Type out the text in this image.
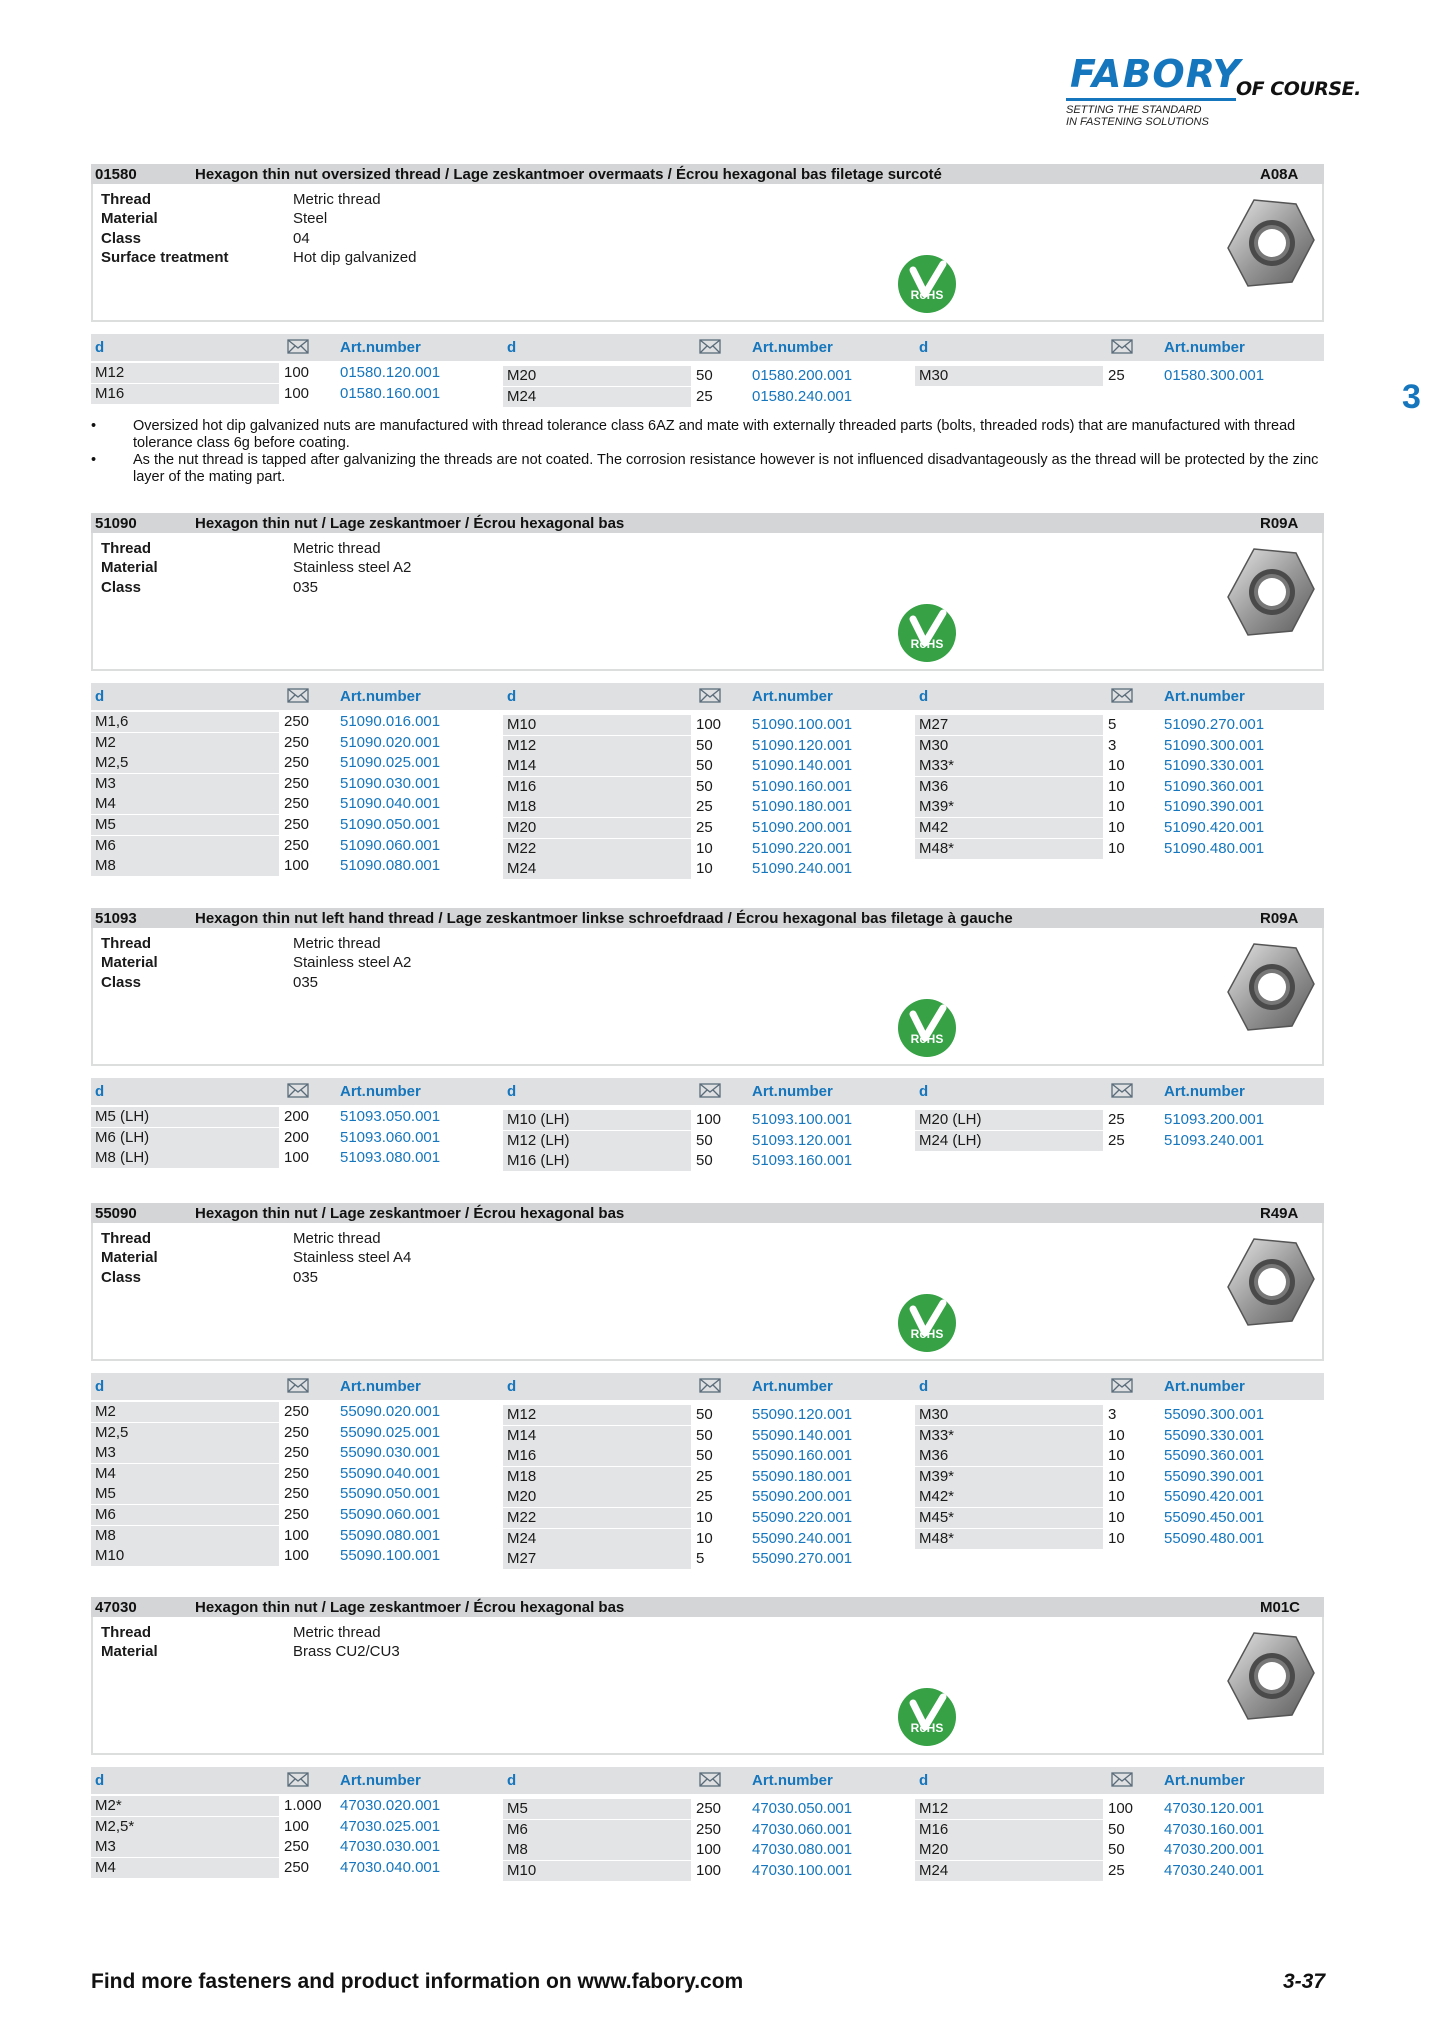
FABORY
OF COURSE.
SETTING THE STANDARD
IN FASTENING SOLUTIONS
3
01580	Hexagon thin nut oversized thread / Lage zeskantmoer overmaats / Écrou hexagonal bas filetage surcoté	A08A
Thread	Metric thread
Material	Steel
Class	04
Surface treatment	Hot dip galvanized
RoHS
d	Art.number	d	Art.number	d	Art.number
M12	100 01580.120.001
M16	100 01580.160.001
M20	50	01580.200.001
M24	25	01580.240.001
M30	25	01580.300.001
51090	Hexagon thin nut / Lage zeskantmoer / Écrou hexagonal bas	R09A
Thread	Metric thread
Material	Stainless steel A2
Class	035
RoHS
d	Art.number	d	Art.number	d	Art.number
M1,6	250 51090.016.001
M2	250 51090.020.001
M2,5	250 51090.025.001
M3	250 51090.030.001
M4	250 51090.040.001
M5	250 51090.050.001
M6	250 51090.060.001
M8	100 51090.080.001
M10	100 51090.100.001
M12	50	51090.120.001
M14	50	51090.140.001
M16	50	51090.160.001
M18	25	51090.180.001
M20	25	51090.200.001
M22	10	51090.220.001
M24	10	51090.240.001
M27	5	51090.270.001
M30	3	51090.300.001
M33*	10	51090.330.001
M36	10	51090.360.001
M39*	10	51090.390.001
M42	10	51090.420.001
M48*	10	51090.480.001
51093	Hexagon thin nut left hand thread / Lage zeskantmoer linkse schroefdraad / Écrou hexagonal bas filetage à gauche	R09A
Thread	Metric thread
Material	Stainless steel A2
Class	035
RoHS
d	Art.number	d	Art.number	d	Art.number
M5 (LH)	200 51093.050.001
M6 (LH)	200 51093.060.001
M8 (LH)	100 51093.080.001
M10 (LH)	100 51093.100.001
M12 (LH)	50	51093.120.001
M16 (LH)	50	51093.160.001
M20 (LH)	25	51093.200.001
M24 (LH)	25	51093.240.001
55090	Hexagon thin nut / Lage zeskantmoer / Écrou hexagonal bas	R49A
Thread	Metric thread
Material	Stainless steel A4
Class	035
RoHS
d	Art.number	d	Art.number	d	Art.number
M2	250 55090.020.001
M2,5	250 55090.025.001
M3	250 55090.030.001
M4	250 55090.040.001
M5	250 55090.050.001
M6	250 55090.060.001
M8	100 55090.080.001
M10	100 55090.100.001
M12	50	55090.120.001
M14	50	55090.140.001
M16	50	55090.160.001
M18	25	55090.180.001
M20	25	55090.200.001
M22	10	55090.220.001
M24	10	55090.240.001
M27	5	55090.270.001
M30	3	55090.300.001
M33*	10	55090.330.001
M36	10	55090.360.001
M39*	10	55090.390.001
M42*	10	55090.420.001
M45*	10	55090.450.001
M48*	10	55090.480.001
47030	Hexagon thin nut / Lage zeskantmoer / Écrou hexagonal bas	M01C
Thread	Metric thread
Material	Brass CU2/CU3
RoHS
d	Art.number	d	Art.number	d	Art.number
M2*	1.000 47030.020.001
M2,5*	100 47030.025.001
M3	250 47030.030.001
M4	250 47030.040.001
M5	250 47030.050.001
M6	250 47030.060.001
M8	100 47030.080.001
M10	100 47030.100.001
M12	100 47030.120.001
M16	50	47030.160.001
M20	50	47030.200.001
M24	25	47030.240.001
•	Oversized hot dip galvanized nuts are manufactured with thread tolerance class 6AZ and mate with externally threaded parts (bolts, threaded rods) that are manufactured with thread tolerance class 6g before coating.
•	As the nut thread is tapped after galvanizing the threads are not coated. The corrosion resistance however is not influenced disadvantageously as the thread will be protected by the zinc layer of the mating part.
Find more fasteners and product information on www.fabory.com	3-37
